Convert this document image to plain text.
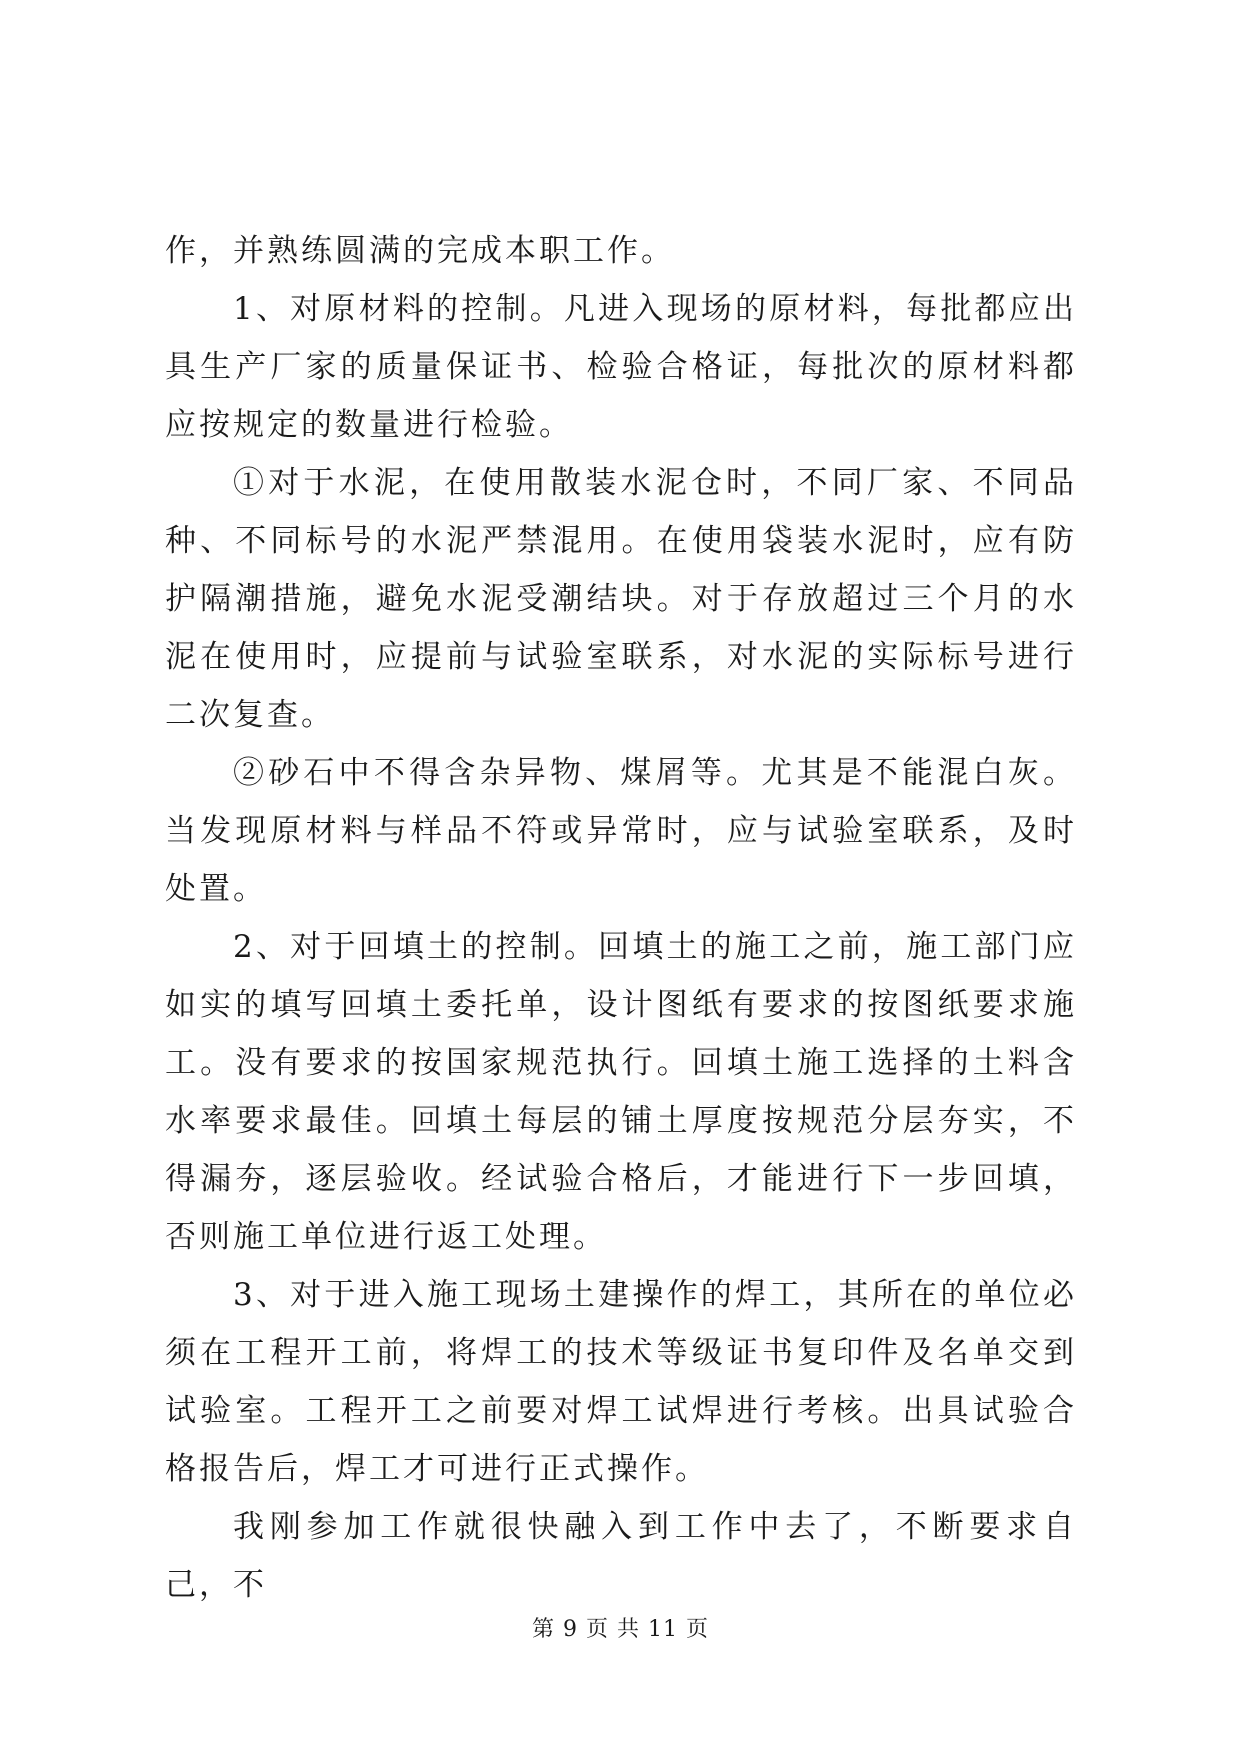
作，并熟练圆满的完成本职工作。

1、对原材料的控制。凡进入现场的原材料，每批都应出具生产厂家的质量保证书、检验合格证，每批次的原材料都应按规定的数量进行检验。

①对于水泥，在使用散装水泥仓时，不同厂家、不同品种、不同标号的水泥严禁混用。在使用袋装水泥时，应有防护隔潮措施，避免水泥受潮结块。对于存放超过三个月的水泥在使用时，应提前与试验室联系，对水泥的实际标号进行二次复查。

②砂石中不得含杂异物、煤屑等。尤其是不能混白灰。当发现原材料与样品不符或异常时，应与试验室联系，及时处置。

2、对于回填土的控制。回填土的施工之前，施工部门应如实的填写回填土委托单，设计图纸有要求的按图纸要求施工。没有要求的按国家规范执行。回填土施工选择的土料含水率要求最佳。回填土每层的铺土厚度按规范分层夯实，不得漏夯，逐层验收。经试验合格后，才能进行下一步回填，否则施工单位进行返工处理。

3、对于进入施工现场土建操作的焊工，其所在的单位必须在工程开工前，将焊工的技术等级证书复印件及名单交到试验室。工程开工之前要对焊工试焊进行考核。出具试验合格报告后，焊工才可进行正式操作。

我刚参加工作就很快融入到工作中去了，不断要求自己，不

第 9 页 共 11 页
